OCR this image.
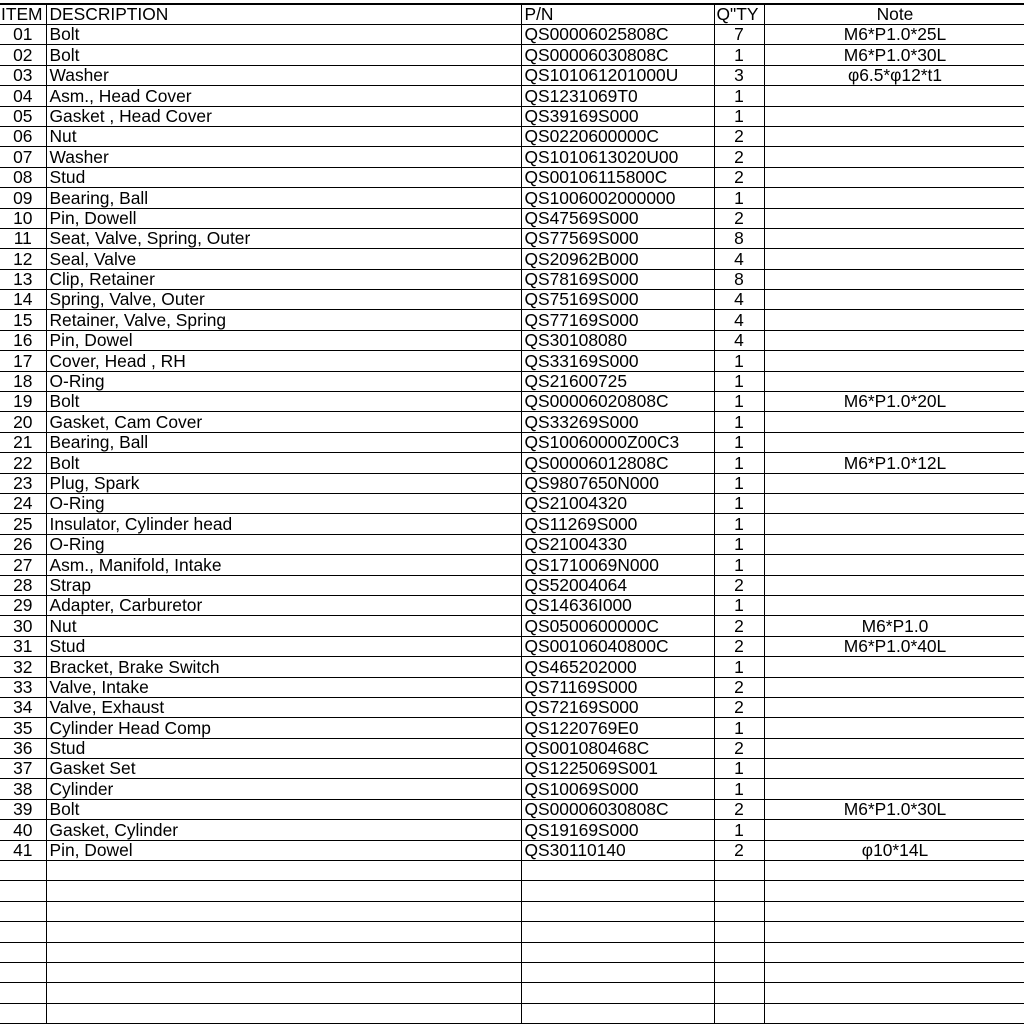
ITEM	DESCRIPTION	P/N	Q"TY	Note
01	Bolt	QS00006025808C	7	M6*P1.0*25L
02	Bolt	QS00006030808C	1	M6*P1.0*30L
03	Washer	QS101061201000U	3	φ6.5*φ12*t1
04	Asm., Head Cover	QS1231069T0	1	
05	Gasket , Head Cover	QS39169S000	1	
06	Nut	QS0220600000C	2	
07	Washer	QS1010613020U00	2	
08	Stud	QS00106115800C	2	
09	Bearing, Ball	QS1006002000000	1	
10	Pin, Dowell	QS47569S000	2	
11	Seat, Valve, Spring, Outer	QS77569S000	8	
12	Seal, Valve	QS20962B000	4	
13	Clip, Retainer	QS78169S000	8	
14	Spring, Valve, Outer	QS75169S000	4	
15	Retainer, Valve, Spring	QS77169S000	4	
16	Pin, Dowel	QS30108080	4	
17	Cover, Head , RH	QS33169S000	1	
18	O-Ring	QS21600725	1	
19	Bolt	QS00006020808C	1	M6*P1.0*20L
20	Gasket, Cam Cover	QS33269S000	1	
21	Bearing, Ball	QS10060000Z00C3	1	
22	Bolt	QS00006012808C	1	M6*P1.0*12L
23	Plug, Spark	QS9807650N000	1	
24	O-Ring	QS21004320	1	
25	Insulator, Cylinder head	QS11269S000	1	
26	O-Ring	QS21004330	1	
27	Asm., Manifold, Intake	QS1710069N000	1	
28	Strap	QS52004064	2	
29	Adapter, Carburetor	QS14636I000	1	
30	Nut	QS0500600000C	2	M6*P1.0
31	Stud	QS00106040800C	2	M6*P1.0*40L
32	Bracket, Brake Switch	QS465202000	1	
33	Valve, Intake	QS71169S000	2	
34	Valve, Exhaust	QS72169S000	2	
35	Cylinder Head Comp	QS1220769E0	1	
36	Stud	QS001080468C	2	
37	Gasket Set	QS1225069S001	1	
38	Cylinder	QS10069S000	1	
39	Bolt	QS00006030808C	2	M6*P1.0*30L
40	Gasket, Cylinder	QS19169S000	1	
41	Pin, Dowel	QS30110140	2	φ10*14L
